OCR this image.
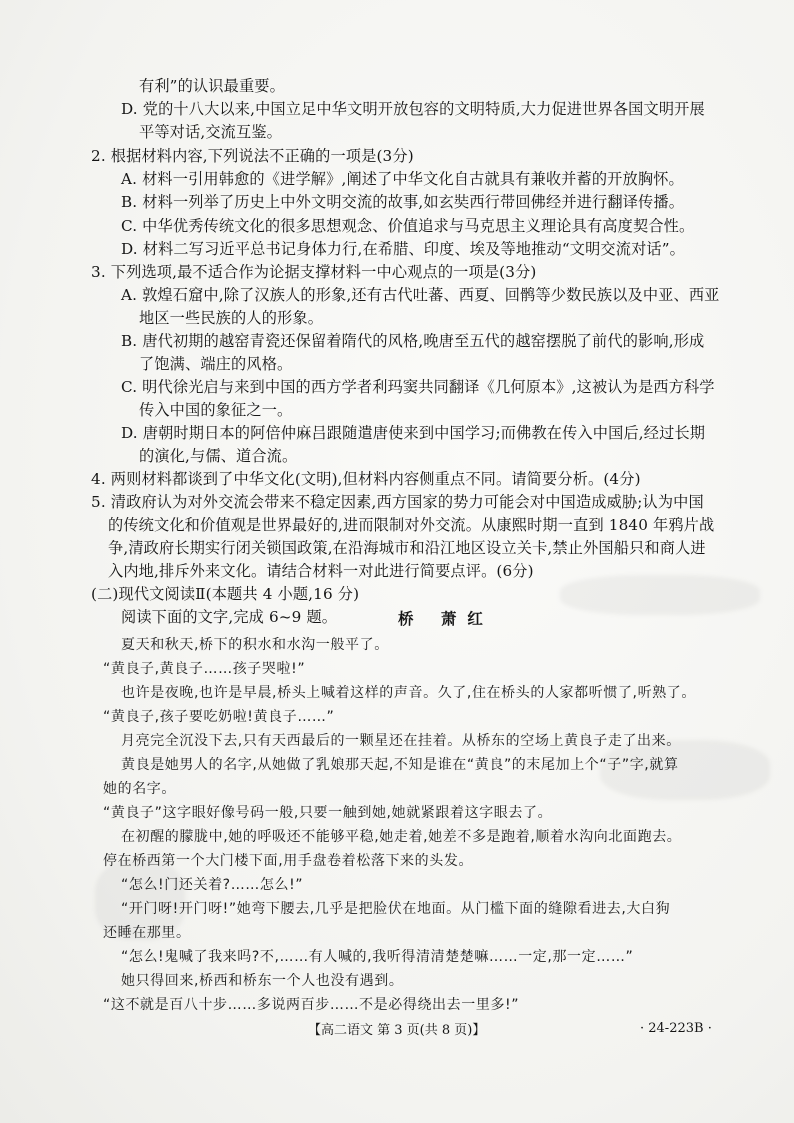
有利”的认识最重要。
D. 党的十八大以来,中国立足中华文明开放包容的文明特质,大力促进世界各国文明开展
平等对话,交流互鉴。
2. 根据材料内容,下列说法不正确的一项是(3分)
A. 材料一引用韩愈的《进学解》,阐述了中华文化自古就具有兼收并蓄的开放胸怀。
B. 材料一列举了历史上中外文明交流的故事,如玄奘西行带回佛经并进行翻译传播。
C. 中华优秀传统文化的很多思想观念、价值追求与马克思主义理论具有高度契合性。
D. 材料二写习近平总书记身体力行,在希腊、印度、埃及等地推动“文明交流对话”。
3. 下列选项,最不适合作为论据支撑材料一中心观点的一项是(3分)
A. 敦煌石窟中,除了汉族人的形象,还有古代吐蕃、西夏、回鹘等少数民族以及中亚、西亚
地区一些民族的人的形象。
B. 唐代初期的越窑青瓷还保留着隋代的风格,晚唐至五代的越窑摆脱了前代的影响,形成
了饱满、端庄的风格。
C. 明代徐光启与来到中国的西方学者利玛窦共同翻译《几何原本》,这被认为是西方科学
传入中国的象征之一。
D. 唐朝时期日本的阿倍仲麻吕跟随遣唐使来到中国学习;而佛教在传入中国后,经过长期
的演化,与儒、道合流。
4. 两则材料都谈到了中华文化(文明),但材料内容侧重点不同。请简要分析。(4分)
5. 清政府认为对外交流会带来不稳定因素,西方国家的势力可能会对中国造成威胁;认为中国
的传统文化和价值观是世界最好的,进而限制对外交流。从康熙时期一直到 1840 年鸦片战
争,清政府长期实行闭关锁国政策,在沿海城市和沿江地区设立关卡,禁止外国船只和商人进
入内地,排斥外来文化。请结合材料一对此进行简要点评。(6分)
(二)现代文阅读Ⅱ(本题共 4 小题,16 分)
阅读下面的文字,完成 6~9 题。	桥 萧红
夏天和秋天,桥下的积水和水沟一般平了。
“黄良子,黄良子……孩子哭啦!”
也许是夜晚,也许是早晨,桥头上喊着这样的声音。久了,住在桥头的人家都听惯了,听熟了。
“黄良子,孩子要吃奶啦!黄良子……”
月亮完全沉没下去,只有天西最后的一颗星还在挂着。从桥东的空场上黄良子走了出来。
黄良是她男人的名字,从她做了乳娘那天起,不知是谁在“黄良”的末尾加上个“子”字,就算
她的名字。
“黄良子”这字眼好像号码一般,只要一触到她,她就紧跟着这字眼去了。
在初醒的朦胧中,她的呼吸还不能够平稳,她走着,她差不多是跑着,顺着水沟向北面跑去。
停在桥西第一个大门楼下面,用手盘卷着松落下来的头发。
“怎么!门还关着?……怎么!”
“开门呀!开门呀!”她弯下腰去,几乎是把脸伏在地面。从门槛下面的缝隙看进去,大白狗
还睡在那里。
“怎么!鬼喊了我来吗?不,……有人喊的,我听得清清楚楚嘛……一定,那一定……”
她只得回来,桥西和桥东一个人也没有遇到。
“这不就是百八十步……多说两百步……不是必得绕出去一里多!”
【高二语文 第 3 页(共 8 页)】	· 24-223B ·
